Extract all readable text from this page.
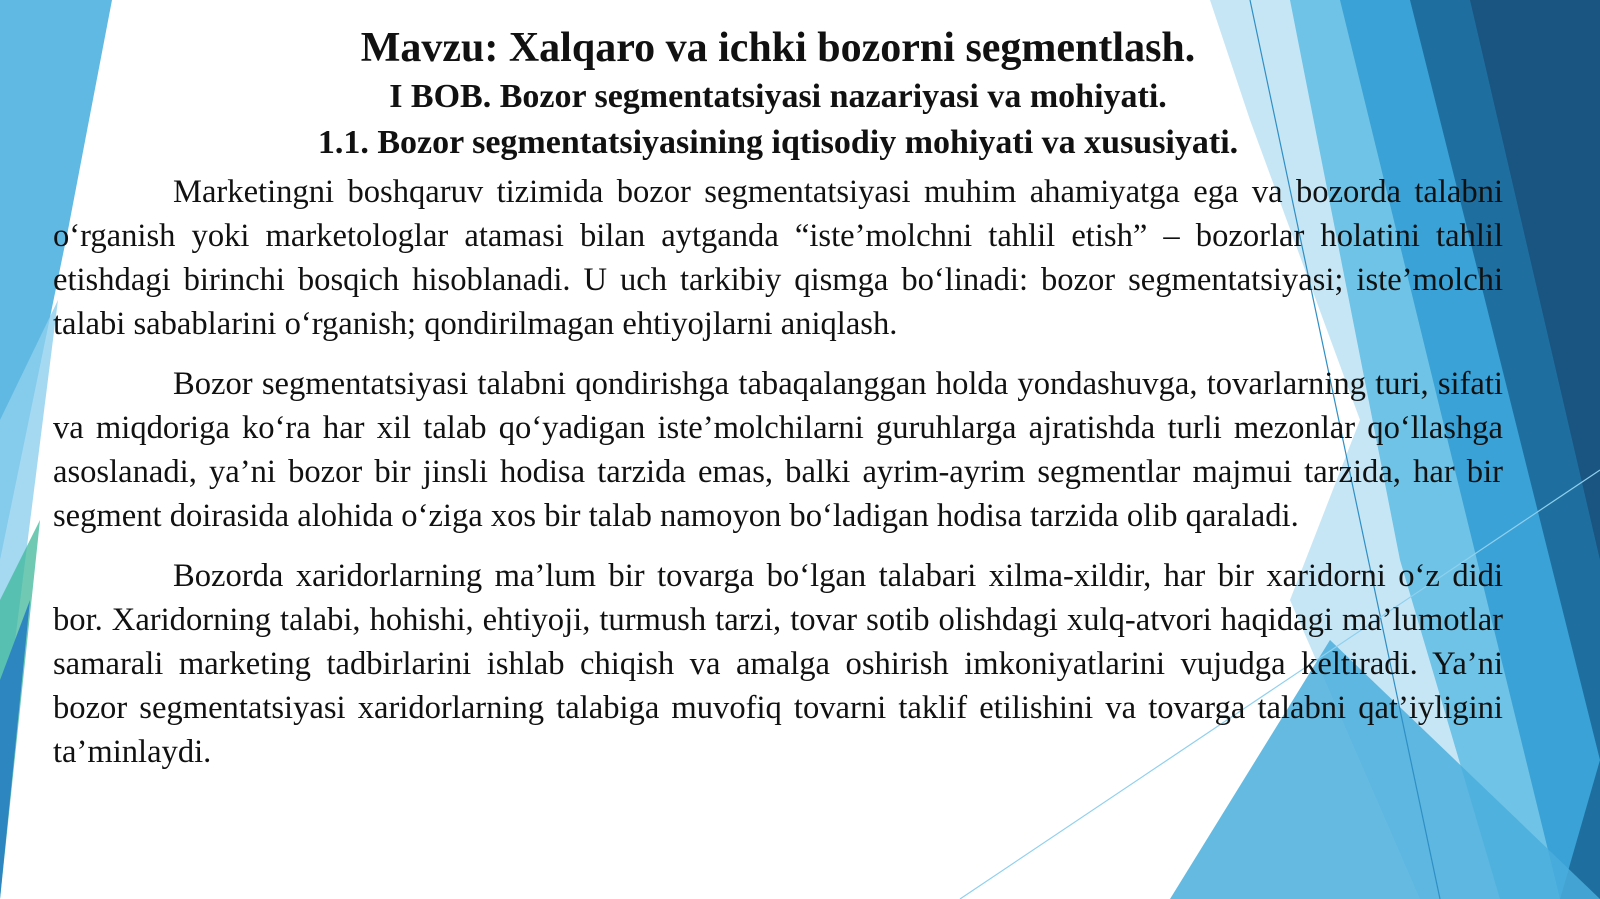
Mavzu: Xalqaro va ichki bozorni segmentlash.
I BOB. Bozor segmentatsiyasi nazariyasi va mohiyati.
1.1. Bozor segmentatsiyasining iqtisodiy mohiyati va xususiyati.

Marketingni boshqaruv tizimida bozor segmentatsiyasi muhim ahamiyatga ega va bozorda talabni oʻrganish yoki marketologlar atamasi bilan aytganda “iste’molchni tahlil etish” – bozorlar holatini tahlil etishdagi birinchi bosqich hisoblanadi. U uch tarkibiy qismga boʻlinadi: bozor segmentatsiyasi; iste’molchi talabi sabablarini oʻrganish; qondirilmagan ehtiyojlarni aniqlash.

Bozor segmentatsiyasi talabni qondirishga tabaqalanggan holda yondashuvga, tovarlarning turi, sifati va miqdoriga koʻra har xil talab qoʻyadigan iste’molchilarni guruhlarga ajratishda turli mezonlar qoʻllashga asoslanadi, ya’ni bozor bir jinsli hodisa tarzida emas, balki ayrim-ayrim segmentlar majmui tarzida, har bir segment doirasida alohida oʻziga xos bir talab namoyon boʻladigan hodisa tarzida olib qaraladi.

Bozorda xaridorlarning ma’lum bir tovarga boʻlgan talabari xilma-xildir, har bir xaridorni oʻz didi bor. Xaridorning talabi, hohishi, ehtiyoji, turmush tarzi, tovar sotib olishdagi xulq-atvori haqidagi ma’lumotlar samarali marketing tadbirlarini ishlab chiqish va amalga oshirish imkoniyatlarini vujudga keltiradi. Ya’ni bozor segmentatsiyasi xaridorlarning talabiga muvofiq tovarni taklif etilishini va tovarga talabni qat’iyligini ta’minlaydi.
